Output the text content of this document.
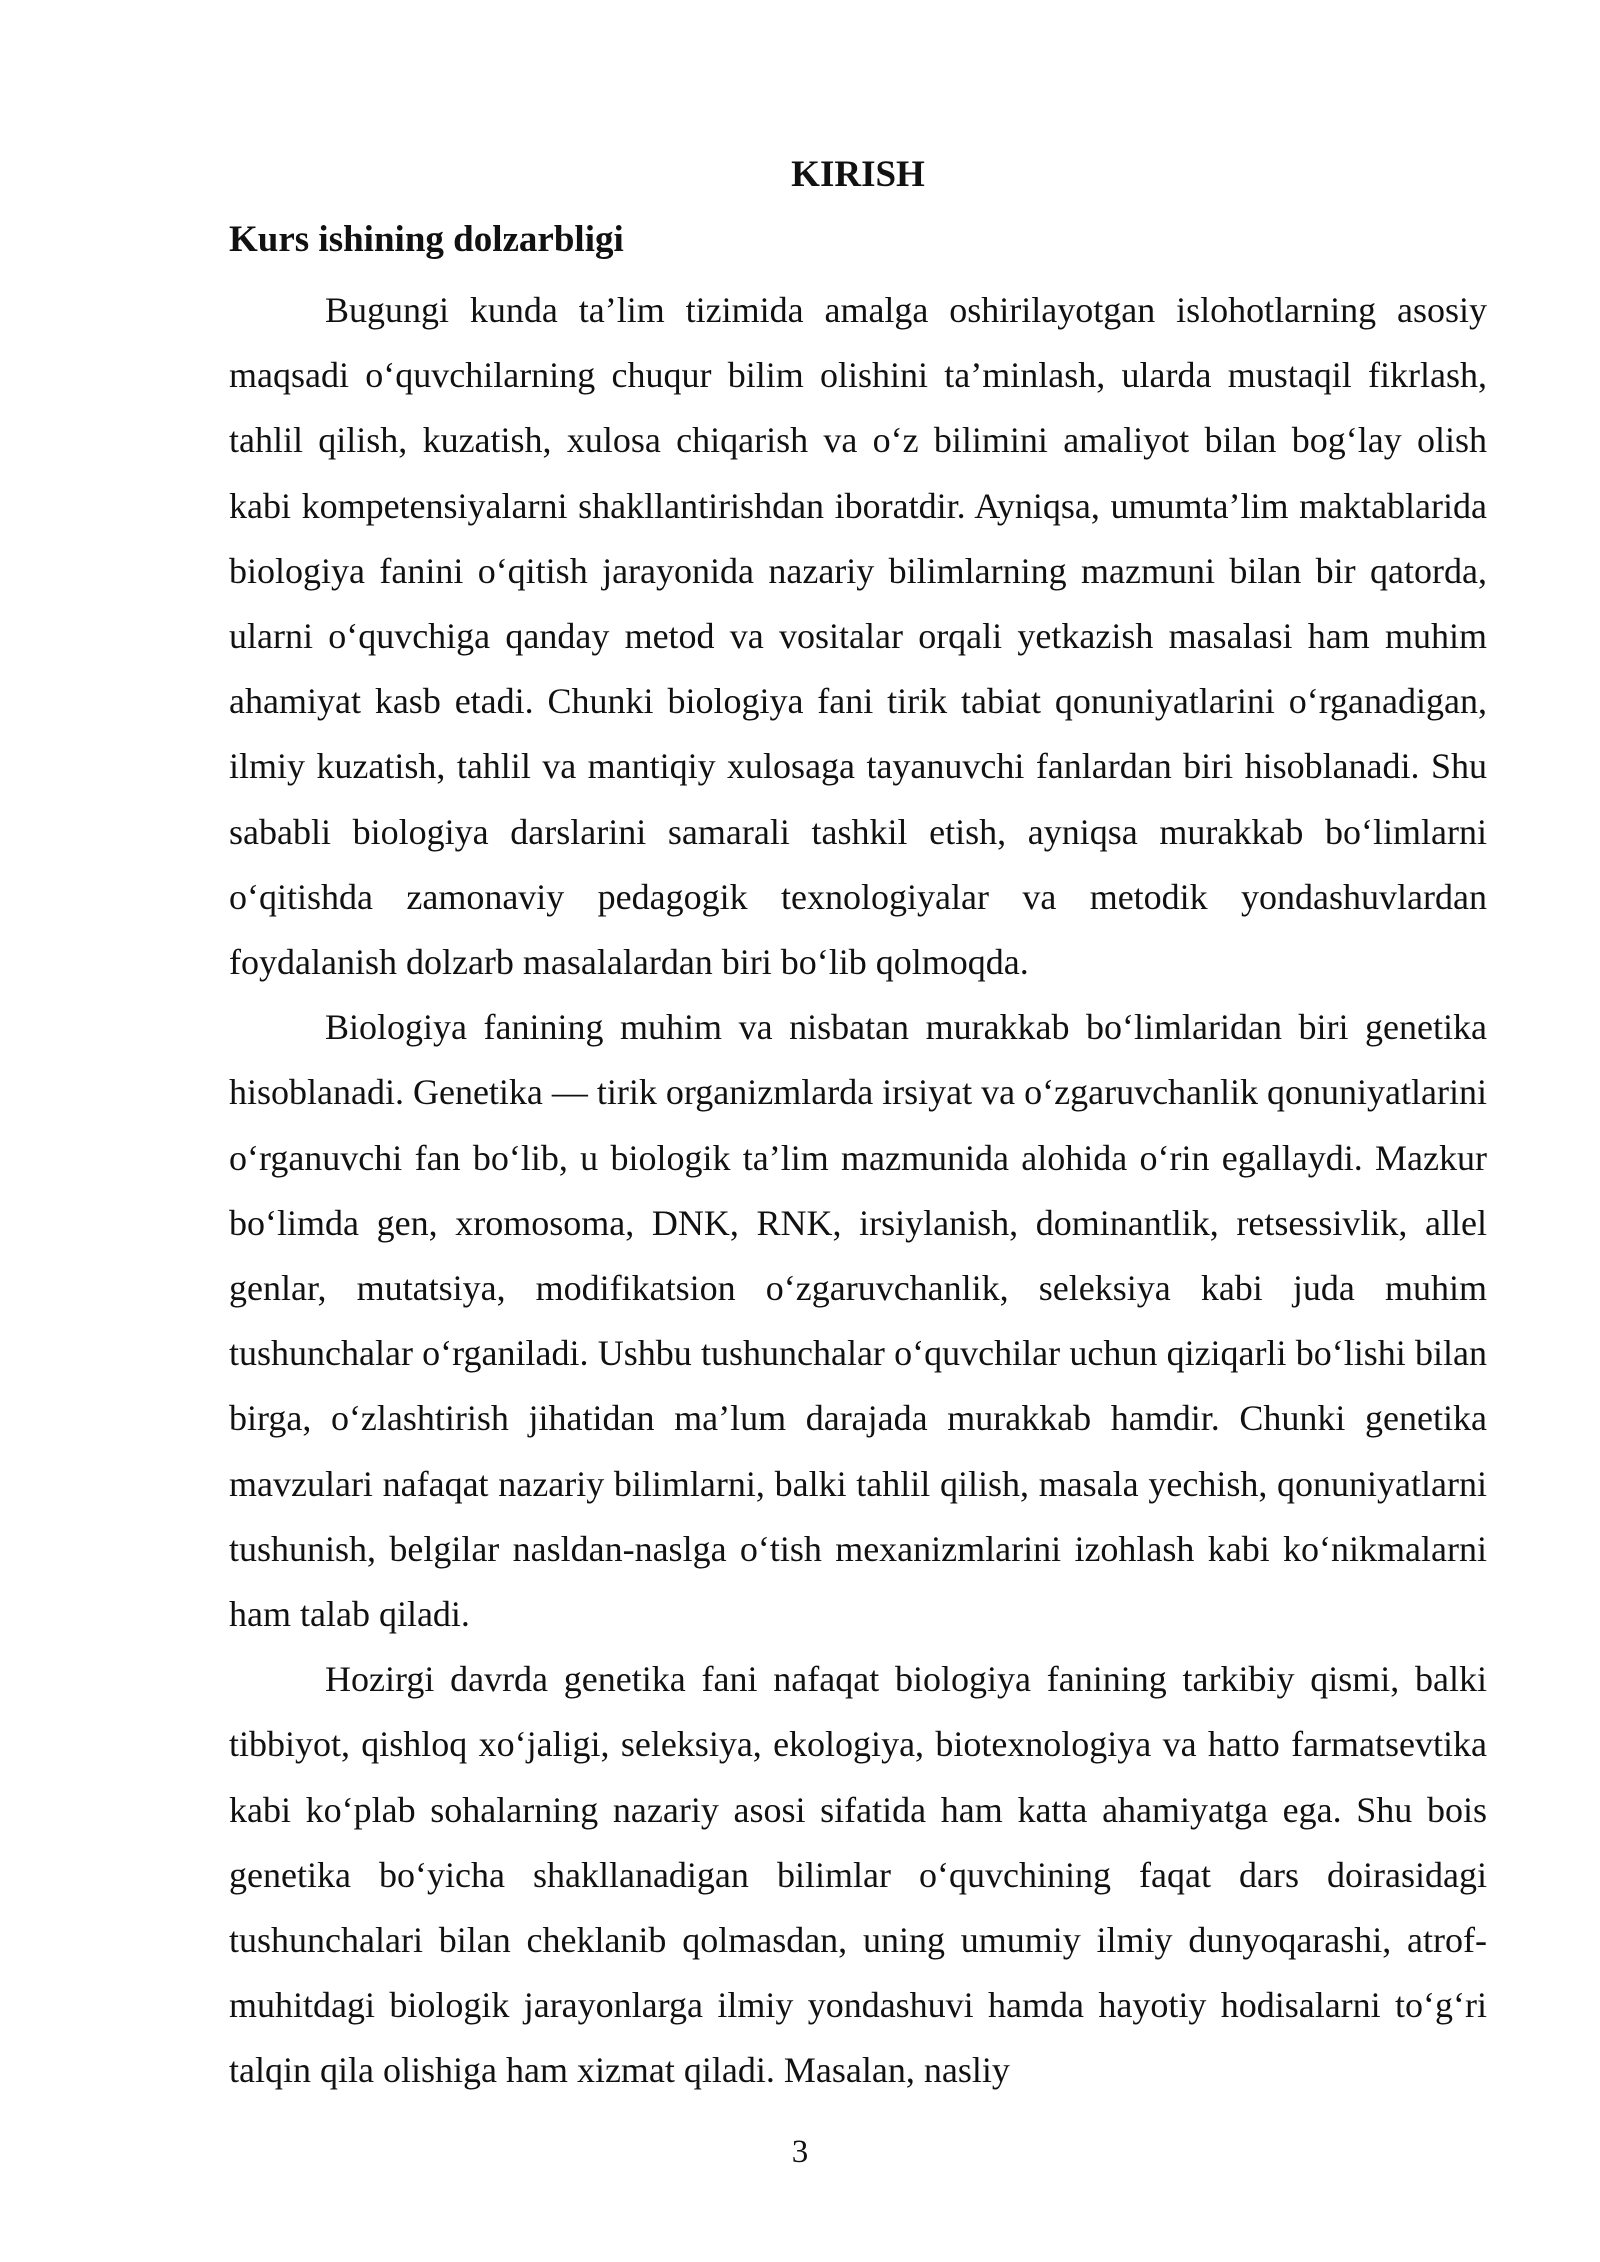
KIRISH
Kurs ishining dolzarbligi

Bugungi kunda ta’lim tizimida amalga oshirilayotgan islohotlarning asosiy maqsadi o‘quvchilarning chuqur bilim olishini ta’minlash, ularda mustaqil fikrlash, tahlil qilish, kuzatish, xulosa chiqarish va o‘z bilimini amaliyot bilan bog‘lay olish kabi kompetensiyalarni shakllantirishdan iboratdir. Ayniqsa, umumta’lim maktablarida biologiya fanini o‘qitish jarayonida nazariy bilimlarning mazmuni bilan bir qatorda, ularni o‘quvchiga qanday metod va vositalar orqali yetkazish masalasi ham muhim ahamiyat kasb etadi. Chunki biologiya fani tirik tabiat qonuniyatlarini o‘rganadigan, ilmiy kuzatish, tahlil va mantiqiy xulosaga tayanuvchi fanlardan biri hisoblanadi. Shu sababli biologiya darslarini samarali tashkil etish, ayniqsa murakkab bo‘limlarni o‘qitishda zamonaviy pedagogik texnologiyalar va metodik yondashuvlardan foydalanish dolzarb masalalardan biri bo‘lib qolmoqda.

Biologiya fanining muhim va nisbatan murakkab bo‘limlaridan biri genetika hisoblanadi. Genetika — tirik organizmlarda irsiyat va o‘zgaruvchanlik qonuniyatlarini o‘rganuvchi fan bo‘lib, u biologik ta’lim mazmunida alohida o‘rin egallaydi. Mazkur bo‘limda gen, xromosoma, DNK, RNK, irsiylanish, dominantlik, retsessivlik, allel genlar, mutatsiya, modifikatsion o‘zgaruvchanlik, seleksiya kabi juda muhim tushunchalar o‘rganiladi. Ushbu tushunchalar o‘quvchilar uchun qiziqarli bo‘lishi bilan birga, o‘zlashtirish jihatidan ma’lum darajada murakkab hamdir. Chunki genetika mavzulari nafaqat nazariy bilimlarni, balki tahlil qilish, masala yechish, qonuniyatlarni tushunish, belgilar nasldan-naslga o‘tish mexanizmlarini izohlash kabi ko‘nikmalarni ham talab qiladi.

Hozirgi davrda genetika fani nafaqat biologiya fanining tarkibiy qismi, balki tibbiyot, qishloq xo‘jaligi, seleksiya, ekologiya, biotexnologiya va hatto farmatsevtika kabi ko‘plab sohalarning nazariy asosi sifatida ham katta ahamiyatga ega. Shu bois genetika bo‘yicha shakllanadigan bilimlar o‘quvchining faqat dars doirasidagi tushunchalari bilan cheklanib qolmasdan, uning umumiy ilmiy dunyoqarashi, atrof-muhitdagi biologik jarayonlarga ilmiy yondashuvi hamda hayotiy hodisalarni to‘g‘ri talqin qila olishiga ham xizmat qiladi. Masalan, nasliy

3
